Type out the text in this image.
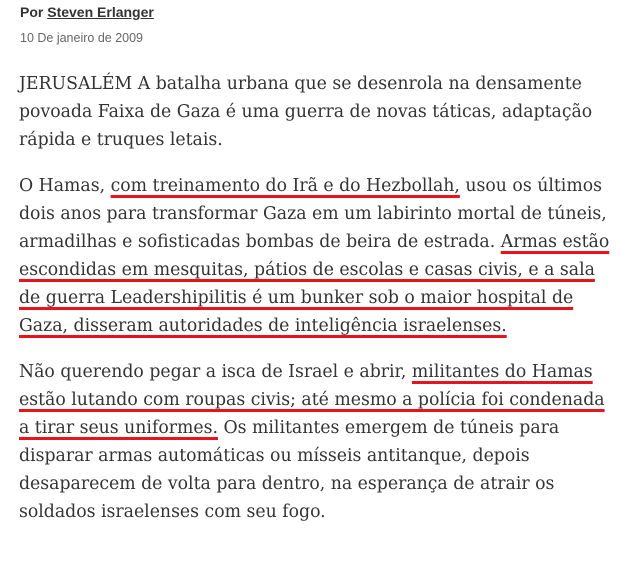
Por Steven Erlanger
10 De janeiro de 2009

JERUSALÉM A batalha urbana que se desenrola na densamente
povoada Faixa de Gaza é uma guerra de novas táticas, adaptação
rápida e truques letais.

O Hamas, com treinamento do Irã e do Hezbollah, usou os últimos
dois anos para transformar Gaza em um labirinto mortal de túneis,
armadilhas e sofisticadas bombas de beira de estrada. Armas estão
escondidas em mesquitas, pátios de escolas e casas civis, e a sala
de guerra Leadershipilitis é um bunker sob o maior hospital de
Gaza, disseram autoridades de inteligência israelenses.

Não querendo pegar a isca de Israel e abrir, militantes do Hamas
estão lutando com roupas civis; até mesmo a polícia foi condenada
a tirar seus uniformes. Os militantes emergem de túneis para
disparar armas automáticas ou mísseis antitanque, depois
desaparecem de volta para dentro, na esperança de atrair os
soldados israelenses com seu fogo.
